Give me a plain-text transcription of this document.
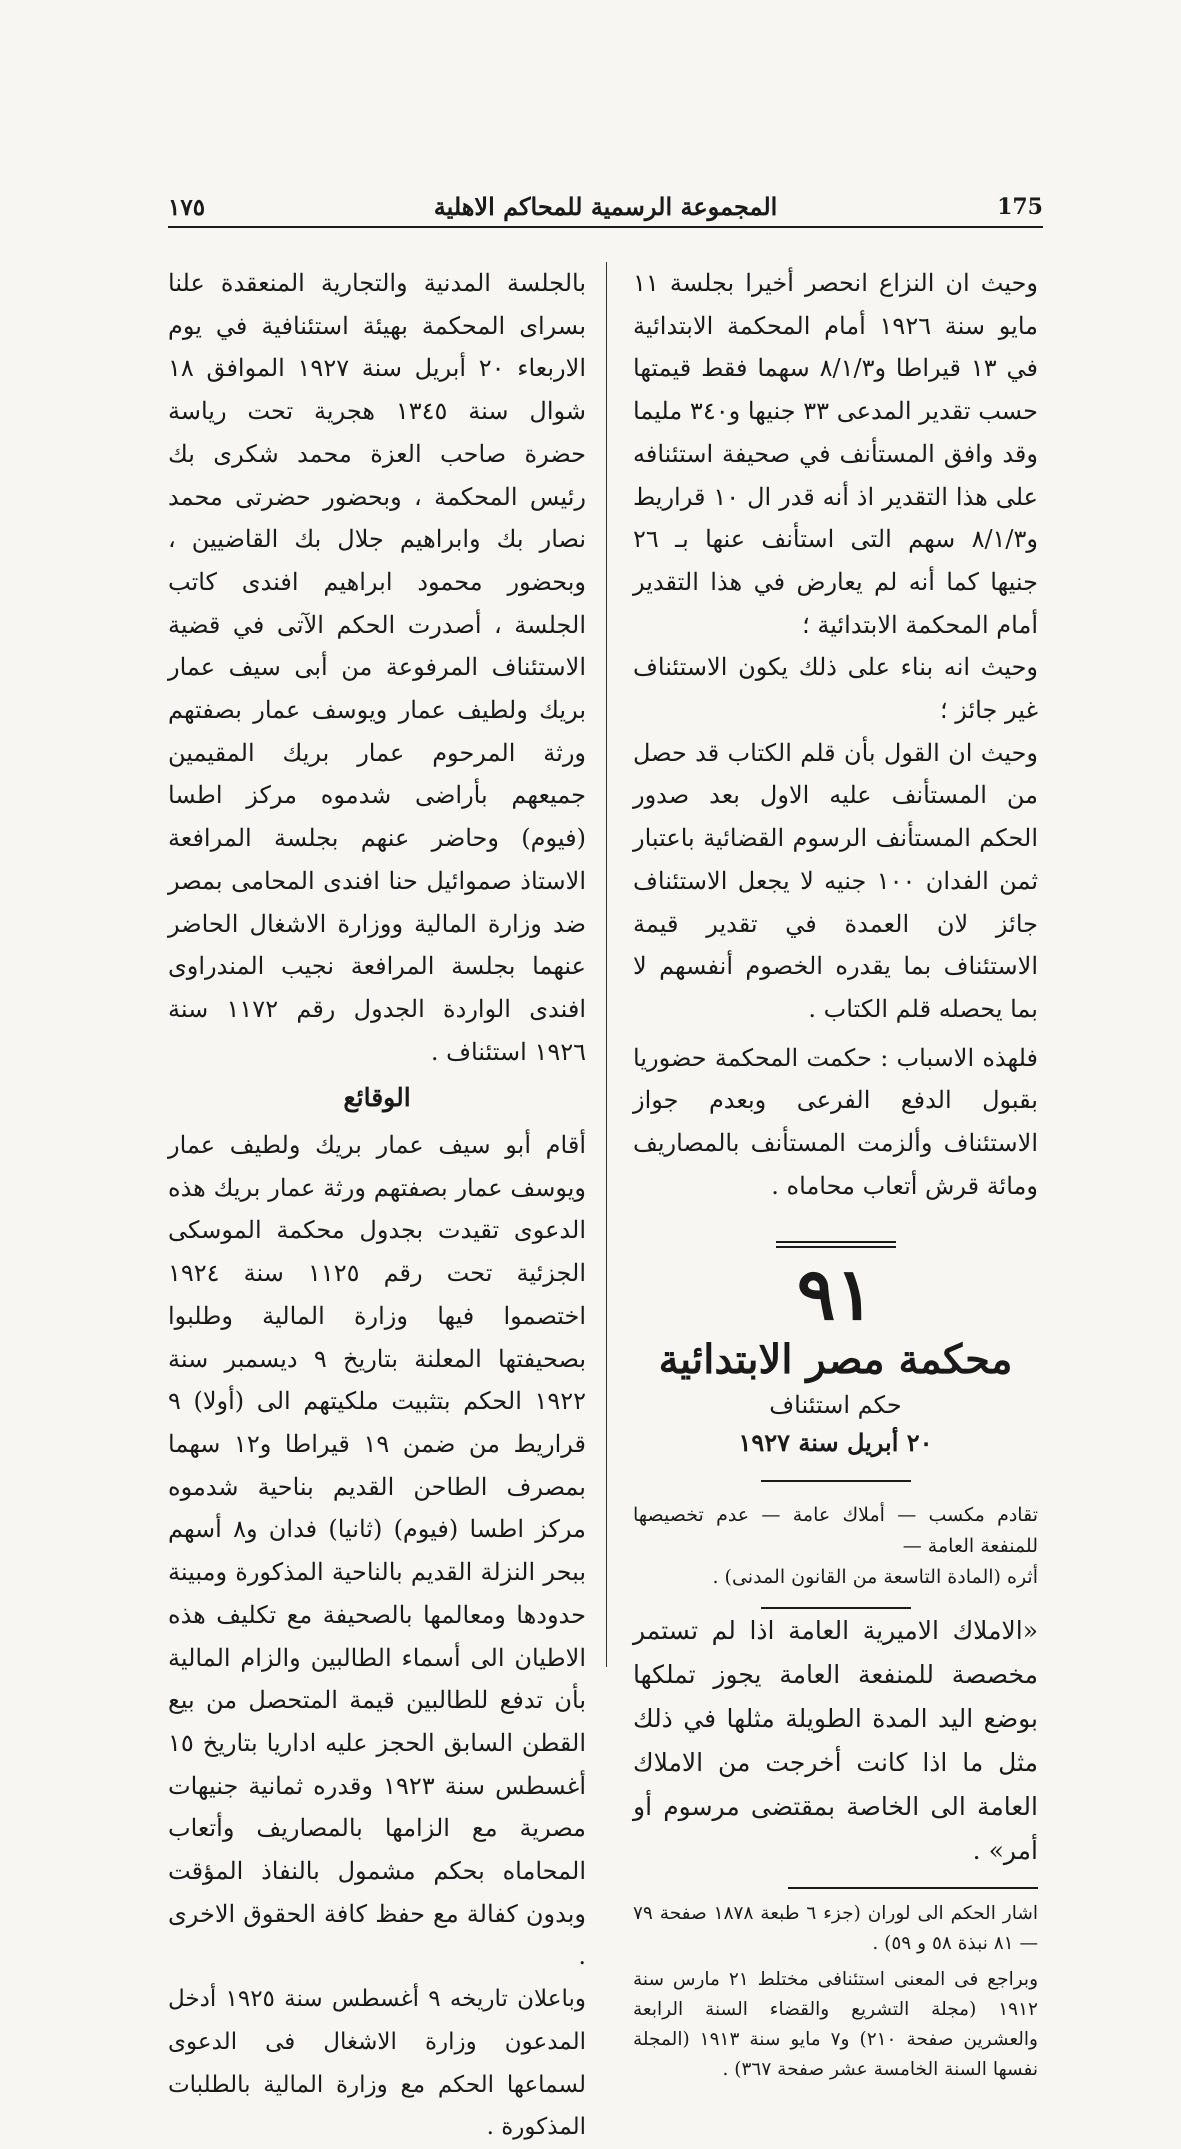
١٧٥	المجموعة الرسمية للمحاكم الاهلية	175

وحيث ان النزاع انحصر أخيرا بجلسة ١١ مايو سنة ١٩٢٦ أمام المحكمة الابتدائية في ١٣ قيراطا و٨/١/٣ سهما فقط قيمتها حسب تقدير المدعى ٣٣ جنيها و٣٤٠ مليما وقد وافق المستأنف في صحيفة استئنافه على هذا التقدير اذ أنه قدر ال ١٠ قراريط و٨/١/٣ سهم التى استأنف عنها بـ ٢٦ جنيها كما أنه لم يعارض في هذا التقدير أمام المحكمة الابتدائية ؛

وحيث انه بناء على ذلك يكون الاستئناف غير جائز ؛

وحيث ان القول بأن قلم الكتاب قد حصل من المستأنف عليه الاول بعد صدور الحكم المستأنف الرسوم القضائية باعتبار ثمن الفدان ١٠٠ جنيه لا يجعل الاستئناف جائز لان العمدة في تقدير قيمة الاستئناف بما يقدره الخصوم أنفسهم لا بما يحصله قلم الكتاب .

فلهذه الاسباب : حكمت المحكمة حضوريا بقبول الدفع الفرعى وبعدم جواز الاستئناف وألزمت المستأنف بالمصاريف ومائة قرش أتعاب محاماه .

٩١
محكمة مصر الابتدائية
حكم استئناف
٢٠ أبريل سنة ١٩٢٧
تقادم مكسب — أملاك عامة — عدم تخصيصها للمنفعة العامة —
أثره (المادة التاسعة من القانون المدنى) .

«الاملاك الاميرية العامة اذا لم تستمر مخصصة للمنفعة العامة يجوز تملكها بوضع اليد المدة الطويلة مثلها في ذلك مثل ما اذا كانت أخرجت من الاملاك العامة الى الخاصة بمقتضى مرسوم أو أمر» .

اشار الحكم الى لوران (جزء ٦ طبعة ١٨٧٨ صفحة ٧٩ — ٨١ نبذة ٥٨ و ٥٩) .

وبراجع فى المعنى استئنافى مختلط ٢١ مارس سنة ١٩١٢ (مجلة التشريع والقضاء السنة الرابعة والعشرين صفحة ٢١٠) و٧ مايو سنة ١٩١٣ (المجلة نفسها السنة الخامسة عشر صفحة ٣٦٧) .

بالجلسة المدنية والتجارية المنعقدة علنا بسراى المحكمة بهيئة استئنافية في يوم الاربعاء ٢٠ أبريل سنة ١٩٢٧ الموافق ١٨ شوال سنة ١٣٤٥ هجرية تحت رياسة حضرة صاحب العزة محمد شكرى بك رئيس المحكمة ، وبحضور حضرتى محمد نصار بك وابراهيم جلال بك القاضيين ، وبحضور محمود ابراهيم افندى كاتب الجلسة ، أصدرت الحكم الآتى في قضية الاستئناف المرفوعة من أبى سيف عمار بريك ولطيف عمار ويوسف عمار بصفتهم ورثة المرحوم عمار بريك المقيمين جميعهم بأراضى شدموه مركز اطسا (فيوم) وحاضر عنهم بجلسة المرافعة الاستاذ صموائيل حنا افندى المحامى بمصر ضد وزارة المالية ووزارة الاشغال الحاضر عنهما بجلسة المرافعة نجيب المندراوى افندى الواردة الجدول رقم ١١٧٢ سنة ١٩٢٦ استئناف .

الوقائع

أقام أبو سيف عمار بريك ولطيف عمار ويوسف عمار بصفتهم ورثة عمار بريك هذه الدعوى تقيدت بجدول محكمة الموسكى الجزئية تحت رقم ١١٢٥ سنة ١٩٢٤ اختصموا فيها وزارة المالية وطلبوا بصحيفتها المعلنة بتاريخ ٩ ديسمبر سنة ١٩٢٢ الحكم بتثبيت ملكيتهم الى (أولا) ٩ قراريط من ضمن ١٩ قيراطا و١٢ سهما بمصرف الطاحن القديم بناحية شدموه مركز اطسا (فيوم) (ثانيا) فدان و٨ أسهم ببحر النزلة القديم بالناحية المذكورة ومبينة حدودها ومعالمها بالصحيفة مع تكليف هذه الاطيان الى أسماء الطالبين والزام المالية بأن تدفع للطالبين قيمة المتحصل من بيع القطن السابق الحجز عليه اداريا بتاريخ ١٥ أغسطس سنة ١٩٢٣ وقدره ثمانية جنيهات مصرية مع الزامها بالمصاريف وأتعاب المحاماه بحكم مشمول بالنفاذ المؤقت وبدون كفالة مع حفظ كافة الحقوق الاخرى .

وباعلان تاريخه ٩ أغسطس سنة ١٩٢٥ أدخل المدعون وزارة الاشغال فى الدعوى لسماعها الحكم مع وزارة المالية بالطلبات المذكورة .
